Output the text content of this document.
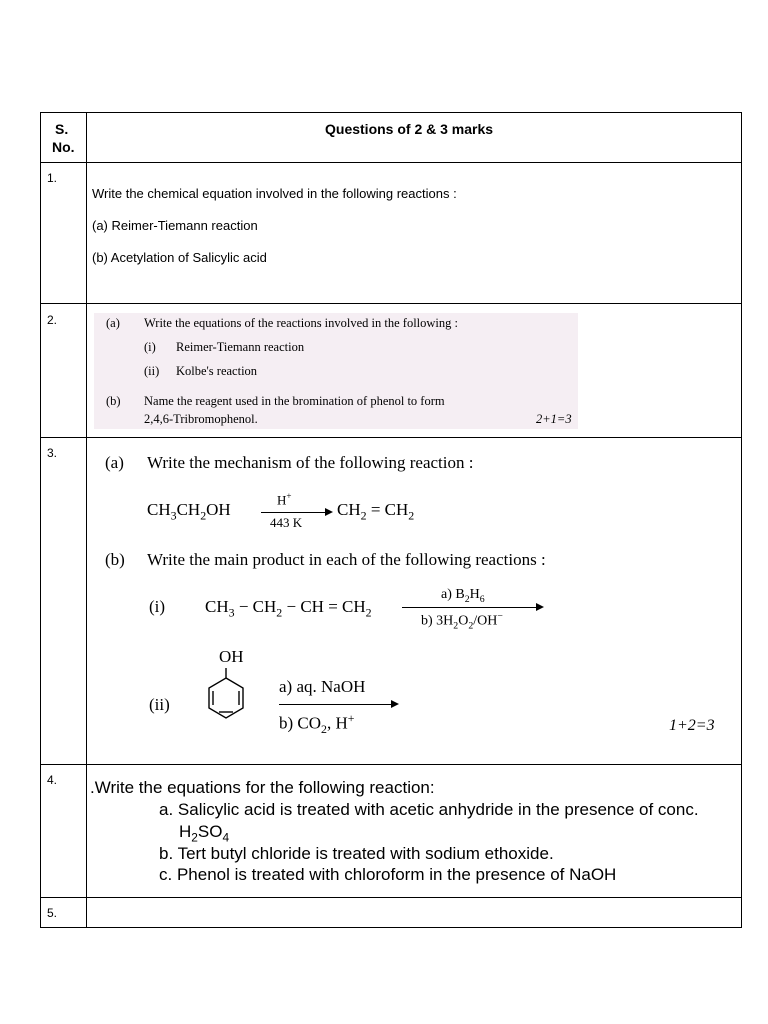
S.
No.
Questions of 2 & 3 marks
1.
Write the chemical equation involved in the following reactions :
(a) Reimer-Tiemann reaction
(b) Acetylation of Salicylic acid
2.	(a) Write the equations of the reactions involved in the following :
(i) Reimer-Tiemann reaction
(ii) Kolbe's reaction
(b) Name the reagent used in the bromination of phenol to form
2,4,6-Tribromophenol.	2+1=3
3.	(a) Write the mechanism of the following reaction :
$CH_3CH_2OH$
H+
443 K
$CH_2 = CH_2$
(b) Write the main product in each of the following reactions :
(i) $CH_3 - CH_2$ − CH = $CH_2$
a) $B_2H_6$
b) $3H_2O_2/OH^-$
OH
(ii)
a) aq. NaOH
b) $CO_2$, H+	1+2=3
4. .Write the equations for the following reaction:
a. Salicylic acid is treated with acetic anhydride in the presence of conc.
$H_2SO_4$
b. Tert butyl chloride is treated with sodium ethoxide.
c. Phenol is treated with chloroform in the presence of NaOH
5.
